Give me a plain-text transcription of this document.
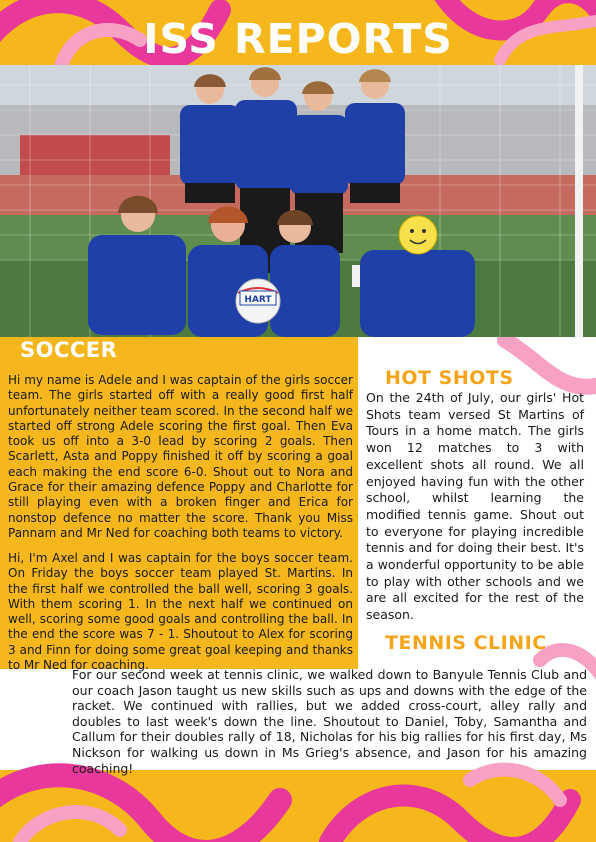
ISS REPORTS
HART
SOCCER

Hi my name is Adele and I was captain of the girls soccer team. The girls started off with a really good first half unfortunately neither team scored. In the second half we started off strong Adele scoring the first goal. Then Eva took us off into a 3-0 lead by scoring 2 goals. Then Scarlett, Asta and Poppy finished it off by scoring a goal each making the end score 6-0. Shout out to Nora and Grace for their amazing defence Poppy and Charlotte for still playing even with a broken finger and Erica for nonstop defence no matter the score. Thank you Miss Pannam and Mr Ned for coaching both teams to victory.

Hi, I'm Axel and I was captain for the boys soccer team. On Friday the boys soccer team played St. Martins. In the first half we controlled the ball well, scoring 3 goals. With them scoring 1. In the next half we continued on well, scoring some good goals and controlling the ball. In the end the score was 7 - 1. Shoutout to Alex for scoring 3 and Finn for doing some great goal keeping and thanks to Mr Ned for coaching.

HOT SHOTS

On the 24th of July, our girls' Hot Shots team versed St Martins of Tours in a home match. The girls won 12 matches to 3 with excellent shots all round. We all enjoyed having fun with the other school, whilst learning the modified tennis game. Shout out to everyone for playing incredible tennis and for doing their best. It's a wonderful opportunity to be able to play with other schools and we are all excited for the rest of the season.

TENNIS CLINIC

For our second week at tennis clinic, we walked down to Banyule Tennis Club and our coach Jason taught us new skills such as ups and downs with the edge of the racket. We continued with rallies, but we added cross-court, alley rally and doubles to last week's down the line. Shoutout to Daniel, Toby, Samantha and Callum for their doubles rally of 18, Nicholas for his big rallies for his first day, Ms Nickson for walking us down in Ms Grieg's absence, and Jason for his amazing coaching!
